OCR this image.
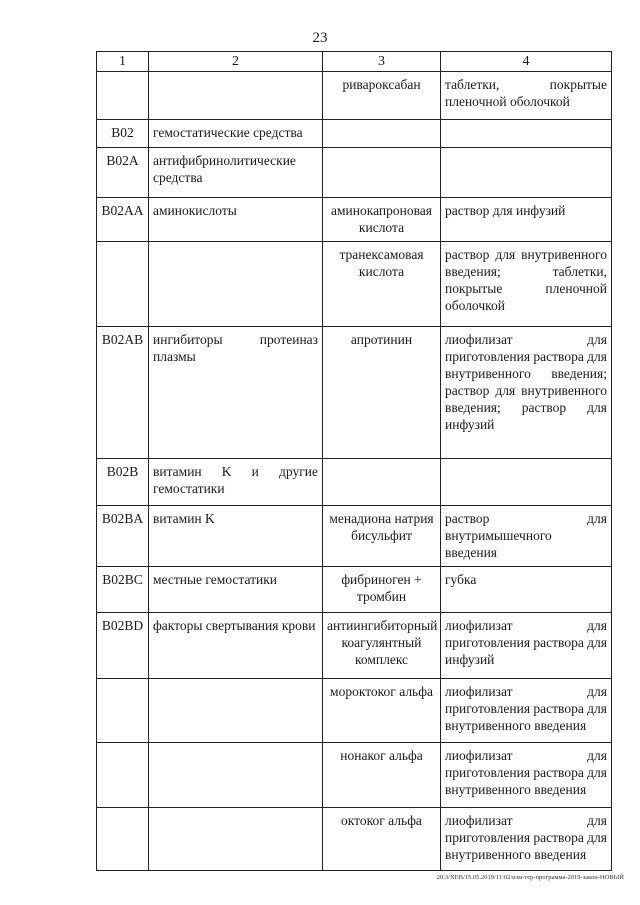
23
1	2	3	4
		ривароксабан	таблетки, покрытые пленочной оболочкой
B02	гемостатические средства		
B02A	антифибринолитические средства		
B02AA	аминокислоты	аминокапроновая кислота	раствор для инфузий
		транексамовая кислота	раствор для внутривенного введения; таблетки, покрытые пленочной оболочкой
B02AB	ингибиторы протеиназ плазмы	апротинин	лиофилизат для приготовления раствора для внутривенного введения; раствор для внутривенного введения; раствор для инфузий
B02B	витамин K и другие гемостатики		
B02BA	витамин K	менадиона натрия бисульфит	раствор для внутримышечного введения
B02BC	местные гемостатики	фибриноген + тромбин	губка
B02BD	факторы свертывания крови	антиингибиторный коагулянтный комплекс	лиофилизат для приготовления раствора для инфузий
		мороктоког альфа	лиофилизат для приготовления раствора для внутривенного введения
		нонаког альфа	лиофилизат для приготовления раствора для внутривенного введения
		октоког альфа	лиофилизат для приготовления раствора для внутривенного введения
20.3/ХЕВ/15.05.2019/11:02/изм-тер-программа-2019-закон-НОВЫЙ
